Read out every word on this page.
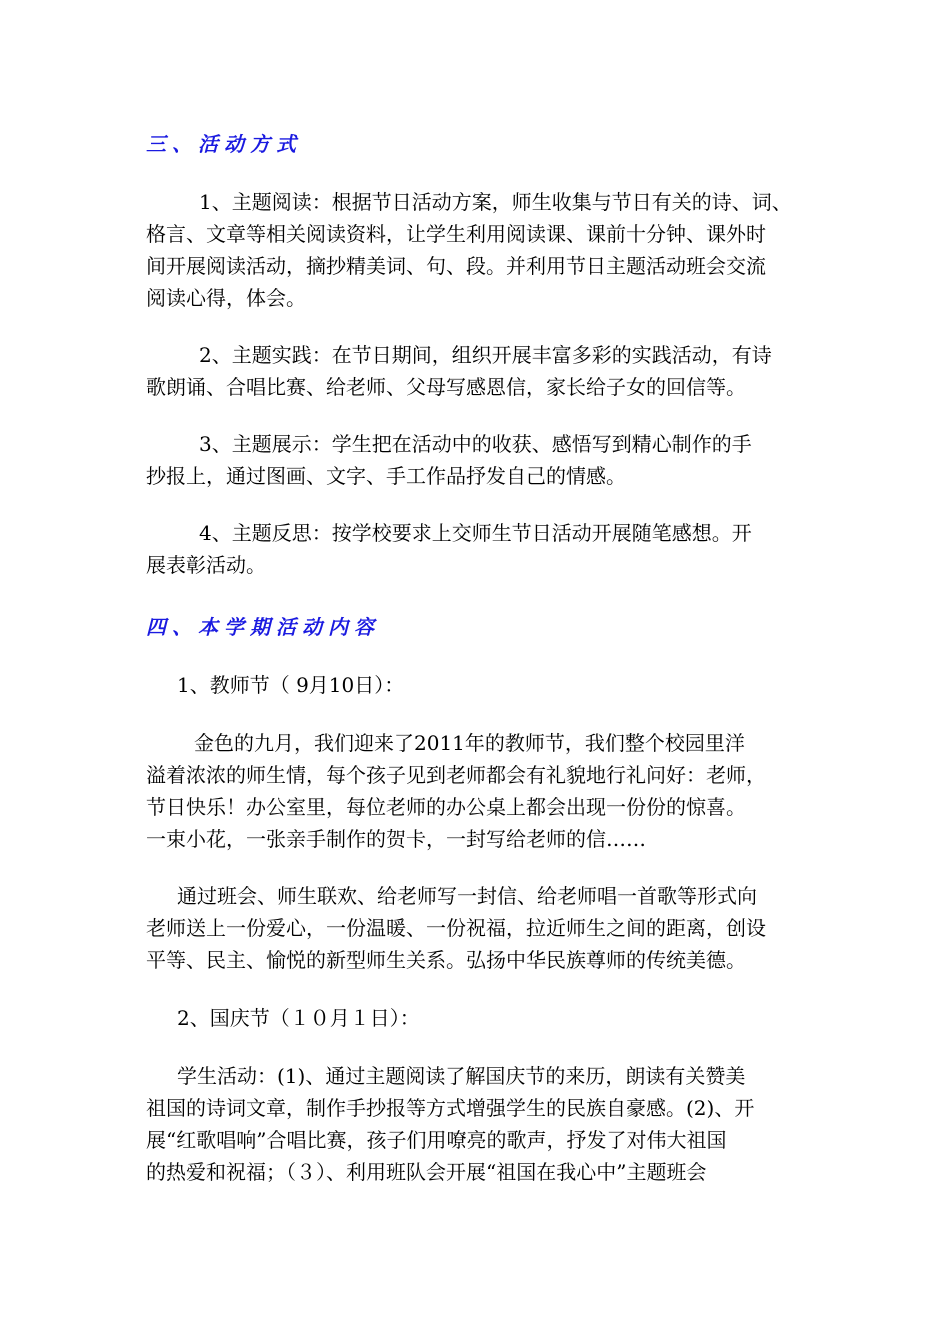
三、活动方式
1、主题阅读：根据节日活动方案，师生收集与节日有关的诗、词、
格言、文章等相关阅读资料，让学生利用阅读课、课前十分钟、课外时
间开展阅读活动，摘抄精美词、句、段。并利用节日主题活动班会交流
阅读心得，体会。
2、主题实践：在节日期间，组织开展丰富多彩的实践活动，有诗
歌朗诵、合唱比赛、给老师、父母写感恩信，家长给子女的回信等。
3、主题展示：学生把在活动中的收获、感悟写到精心制作的手
抄报上，通过图画、文字、手工作品抒发自己的情感。
4、主题反思：按学校要求上交师生节日活动开展随笔感想。开
展表彰活动。
四、本学期活动内容
1、教师节（ 9月10日）：
金色的九月，我们迎来了2011年的教师节，我们整个校园里洋
溢着浓浓的师生情，每个孩子见到老师都会有礼貌地行礼问好：老师，
节日快乐！办公室里，每位老师的办公桌上都会出现一份份的惊喜。
一束小花，一张亲手制作的贺卡，一封写给老师的信……
通过班会、师生联欢、给老师写一封信、给老师唱一首歌等形式向
老师送上一份爱心，一份温暖、一份祝福，拉近师生之间的距离，创设
平等、民主、愉悦的新型师生关系。弘扬中华民族尊师的传统美德。
2、国庆节（１０月１日）：
学生活动：(1)、通过主题阅读了解国庆节的来历，朗读有关赞美
祖国的诗词文章，制作手抄报等方式增强学生的民族自豪感。(2)、开
展“红歌唱响”合唱比赛，孩子们用嘹亮的歌声，抒发了对伟大祖国
的热爱和祝福；（３）、利用班队会开展“祖国在我心中”主题班会
